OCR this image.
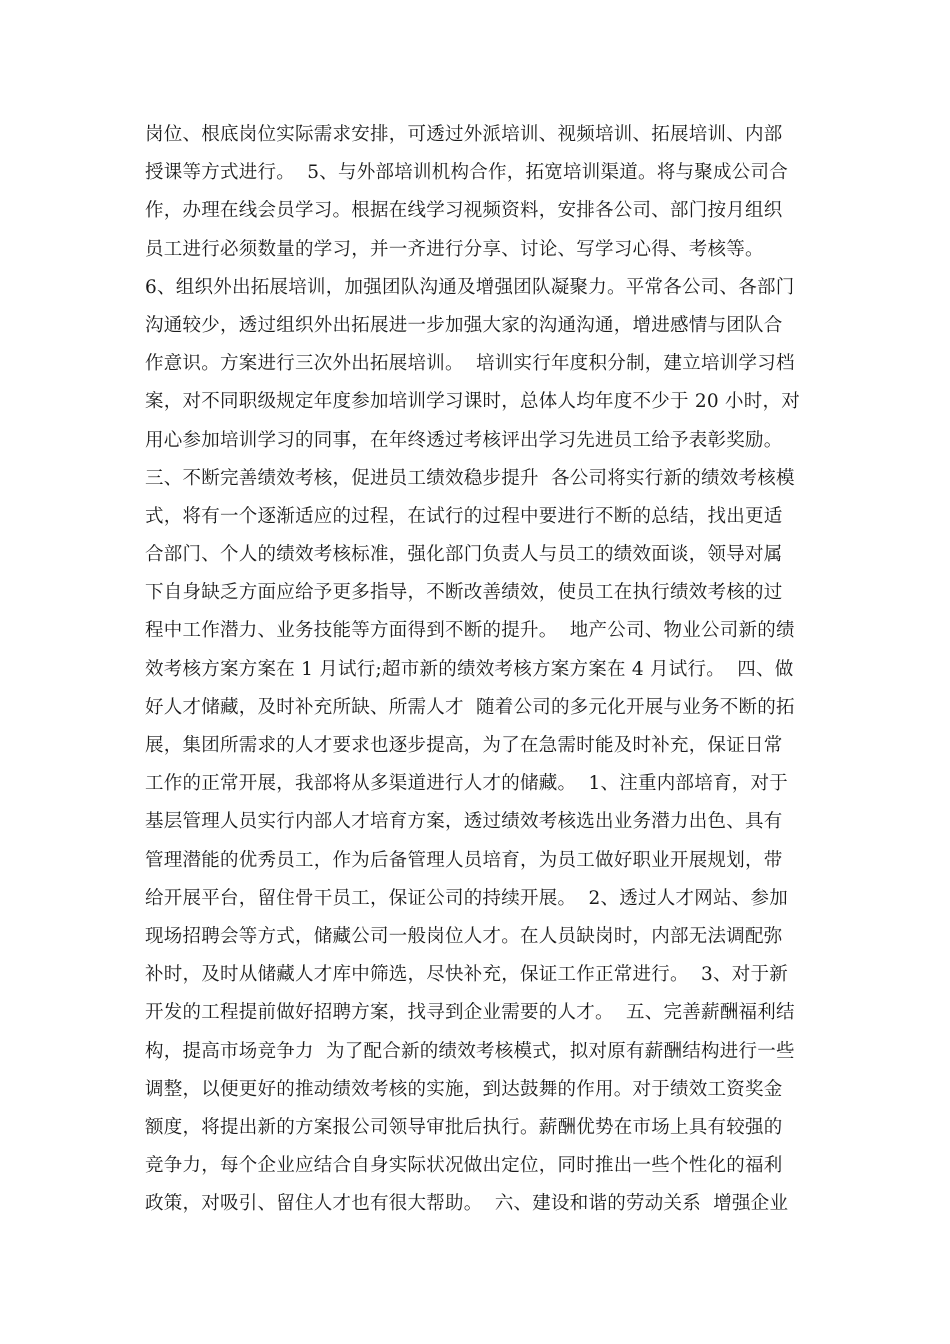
岗位、根底岗位实际需求安排，可透过外派培训、视频培训、拓展培训、内部
授课等方式进行。  5、与外部培训机构合作，拓宽培训渠道。将与聚成公司合
作，办理在线会员学习。根据在线学习视频资料，安排各公司、部门按月组织
员工进行必须数量的学习，并一齐进行分享、讨论、写学习心得、考核等。
6、组织外出拓展培训，加强团队沟通及增强团队凝聚力。平常各公司、各部门
沟通较少，透过组织外出拓展进一步加强大家的沟通沟通，增进感情与团队合
作意识。方案进行三次外出拓展培训。  培训实行年度积分制，建立培训学习档
案，对不同职级规定年度参加培训学习课时，总体人均年度不少于 20 小时，对
用心参加培训学习的同事，在年终透过考核评出学习先进员工给予表彰奖励。
三、不断完善绩效考核，促进员工绩效稳步提升  各公司将实行新的绩效考核模
式，将有一个逐渐适应的过程，在试行的过程中要进行不断的总结，找出更适
合部门、个人的绩效考核标准，强化部门负责人与员工的绩效面谈，领导对属
下自身缺乏方面应给予更多指导，不断改善绩效，使员工在执行绩效考核的过
程中工作潜力、业务技能等方面得到不断的提升。  地产公司、物业公司新的绩
效考核方案方案在 1 月试行;超市新的绩效考核方案方案在 4 月试行。  四、做
好人才储藏，及时补充所缺、所需人才  随着公司的多元化开展与业务不断的拓
展，集团所需求的人才要求也逐步提高，为了在急需时能及时补充，保证日常
工作的正常开展，我部将从多渠道进行人才的储藏。  1、注重内部培育，对于
基层管理人员实行内部人才培育方案，透过绩效考核选出业务潜力出色、具有
管理潜能的优秀员工，作为后备管理人员培育，为员工做好职业开展规划，带
给开展平台，留住骨干员工，保证公司的持续开展。  2、透过人才网站、参加
现场招聘会等方式，储藏公司一般岗位人才。在人员缺岗时，内部无法调配弥
补时，及时从储藏人才库中筛选，尽快补充，保证工作正常进行。  3、对于新
开发的工程提前做好招聘方案，找寻到企业需要的人才。  五、完善薪酬福利结
构，提高市场竞争力  为了配合新的绩效考核模式，拟对原有薪酬结构进行一些
调整，以便更好的推动绩效考核的实施，到达鼓舞的作用。对于绩效工资奖金
额度，将提出新的方案报公司领导审批后执行。薪酬优势在市场上具有较强的
竞争力，每个企业应结合自身实际状况做出定位，同时推出一些个性化的福利
政策，对吸引、留住人才也有很大帮助。  六、建设和谐的劳动关系  增强企业
